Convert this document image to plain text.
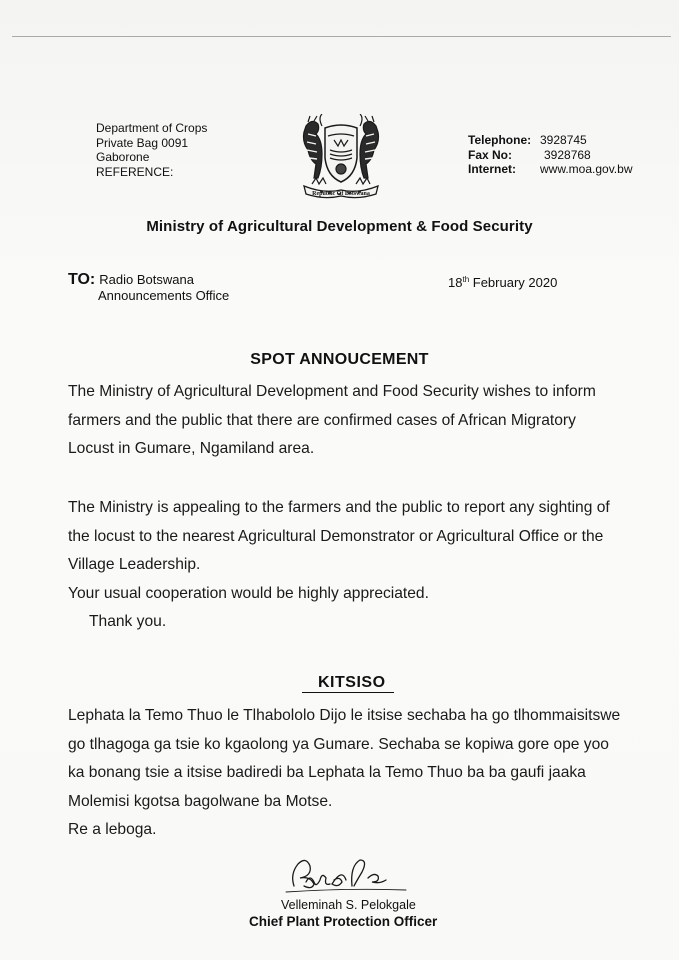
Department of Crops
Private Bag 0091
Gaborone
REFERENCE:
Republic Of Botswana
Telephone: 3928745
Fax No:	3928768
Internet: www.moa.gov.bw
Ministry of Agricultural Development & Food Security
TO: Radio Botswana
Announcements Office
18th February 2020
SPOT ANNOUCEMENT
The Ministry of Agricultural Development and Food Security wishes to inform
farmers and the public that there are confirmed cases of African Migratory
Locust in Gumare, Ngamiland area.
The Ministry is appealing to the farmers and the public to report any sighting of
the locust to the nearest Agricultural Demonstrator or Agricultural Office or the
Village Leadership.
Your usual cooperation would be highly appreciated.
Thank you.
KITSISO
Lephata la Temo Thuo le Tlhabololo Dijo le itsise sechaba ha go tlhommaisitswe
go tlhagoga ga tsie ko kgaolong ya Gumare. Sechaba se kopiwa gore ope yoo
ka bonang tsie a itsise badiredi ba Lephata la Temo Thuo ba ba gaufi jaaka
Molemisi kgotsa bagolwane ba Motse.
Re a leboga.
Velleminah S. Pelokgale
Chief Plant Protection Officer
